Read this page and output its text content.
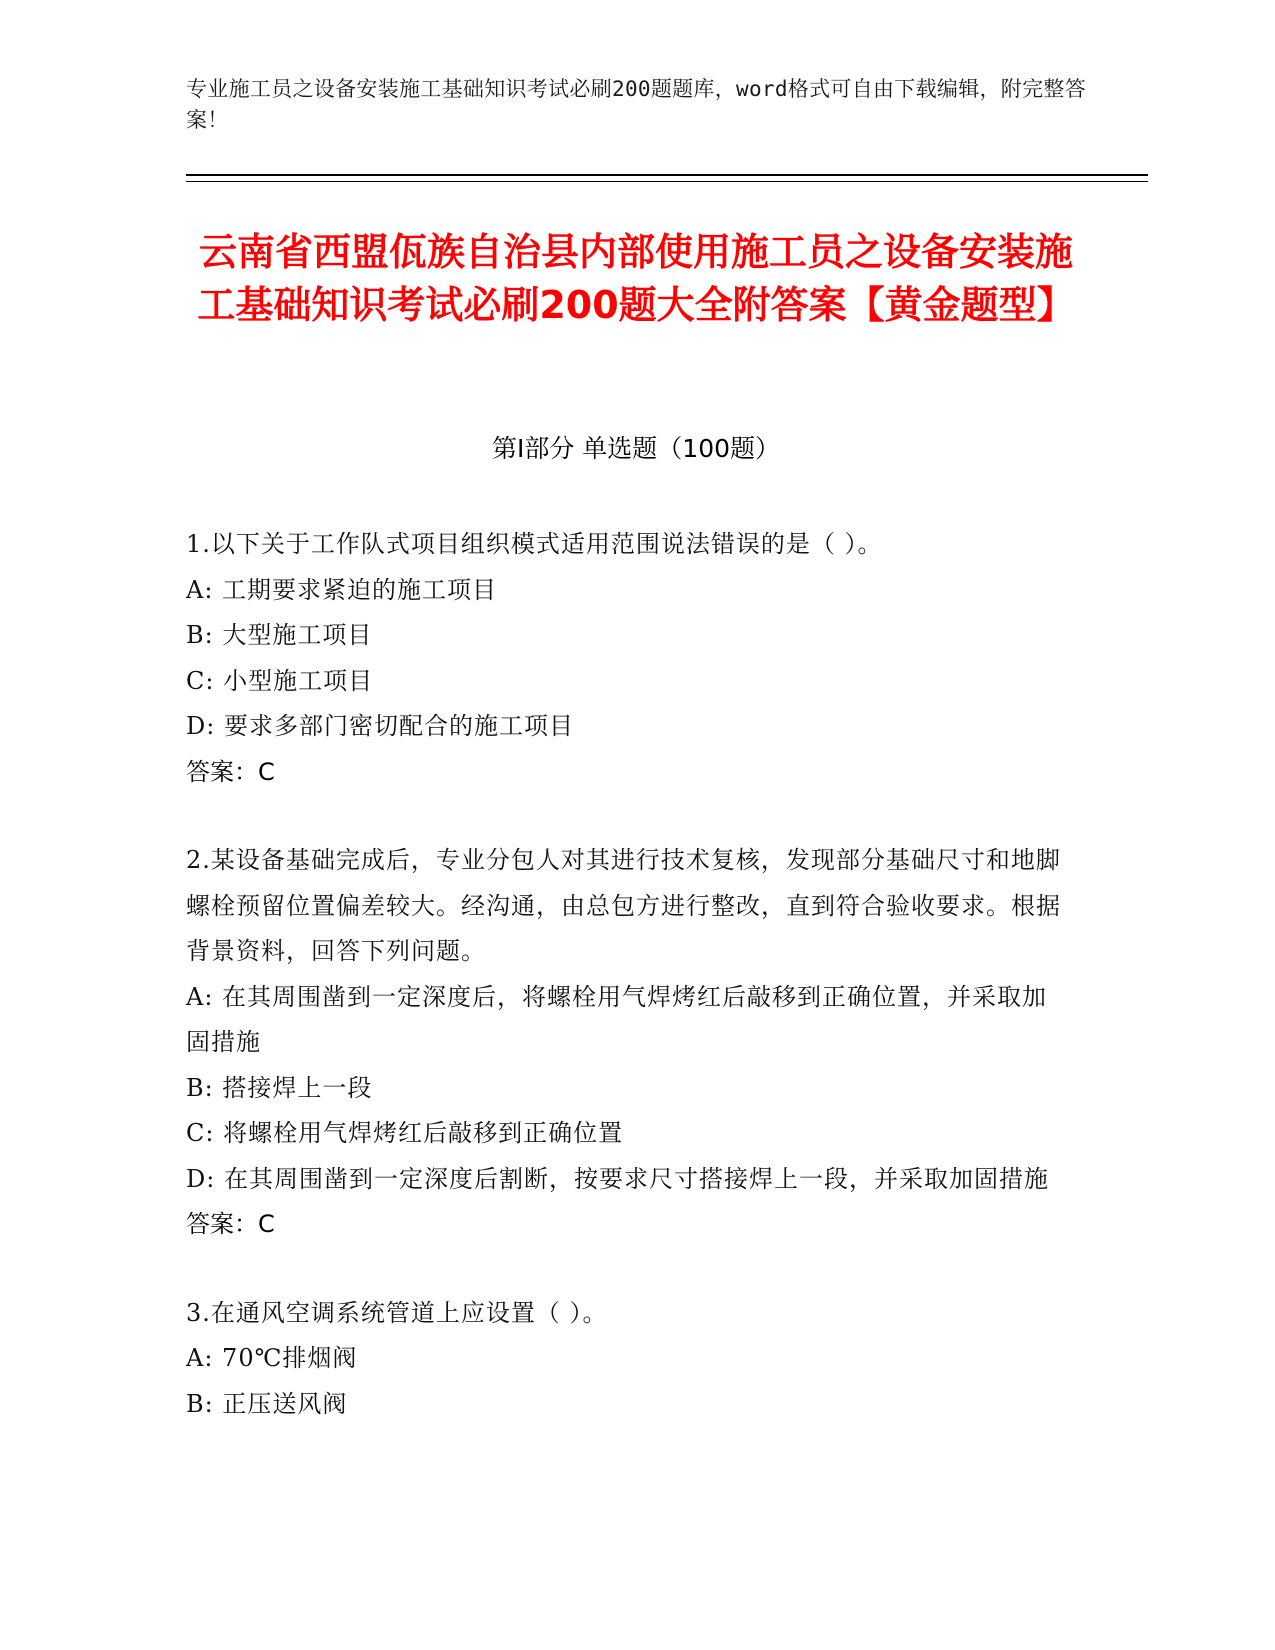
专业施工员之设备安装施工基础知识考试必刷200题题库，word格式可自由下载编辑，附完整答案！
云南省西盟佤族自治县内部使用施工员之设备安装施工基础知识考试必刷200题大全附答案【黄金题型】
第Ⅰ部分 单选题（100题）
1.以下关于工作队式项目组织模式适用范围说法错误的是（ ）。
A: 工期要求紧迫的施工项目
B: 大型施工项目
C: 小型施工项目
D: 要求多部门密切配合的施工项目
答案：C
2.某设备基础完成后，专业分包人对其进行技术复核，发现部分基础尺寸和地脚螺栓预留位置偏差较大。经沟通，由总包方进行整改，直到符合验收要求。根据背景资料，回答下列问题。
A: 在其周围凿到一定深度后，将螺栓用气焊烤红后敲移到正确位置，并采取加固措施
B: 搭接焊上一段
C: 将螺栓用气焊烤红后敲移到正确位置
D: 在其周围凿到一定深度后割断，按要求尺寸搭接焊上一段，并采取加固措施
答案：C
3.在通风空调系统管道上应设置（ ）。
A: 70℃排烟阀
B: 正压送风阀
